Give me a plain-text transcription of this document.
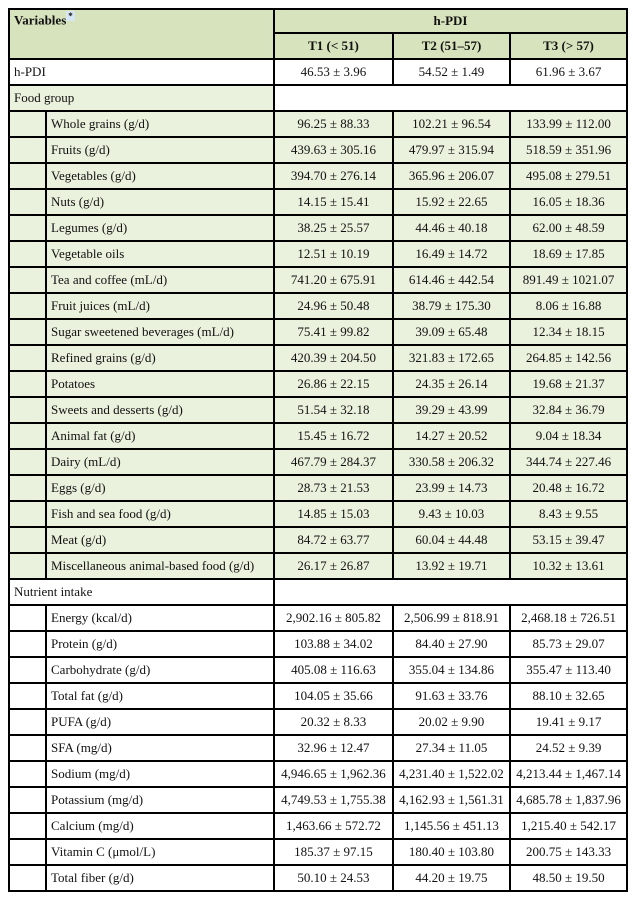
Variables *		h-PDI		
		T1 (< 51)	T2 (51–57)	T3 (> 57)
h-PDI		46.53 ± 3.96	54.52 ± 1.49	61.96 ± 3.67
Food group				
	Whole grains (g/d)	96.25 ± 88.33	102.21 ± 96.54	133.99 ± 112.00
	Fruits (g/d)	439.63 ± 305.16	479.97 ± 315.94	518.59 ± 351.96
	Vegetables (g/d)	394.70 ± 276.14	365.96 ± 206.07	495.08 ± 279.51
	Nuts (g/d)	14.15 ± 15.41	15.92 ± 22.65	16.05 ± 18.36
	Legumes (g/d)	38.25 ± 25.57	44.46 ± 40.18	62.00 ± 48.59
	Vegetable oils	12.51 ± 10.19	16.49 ± 14.72	18.69 ± 17.85
	Tea and coffee (mL/d)	741.20 ± 675.91	614.46 ± 442.54	891.49 ± 1021.07
	Fruit juices (mL/d)	24.96 ± 50.48	38.79 ± 175.30	8.06 ± 16.88
	Sugar sweetened beverages (mL/d)	75.41 ± 99.82	39.09 ± 65.48	12.34 ± 18.15
	Refined grains (g/d)	420.39 ± 204.50	321.83 ± 172.65	264.85 ± 142.56
	Potatoes	26.86 ± 22.15	24.35 ± 26.14	19.68 ± 21.37
	Sweets and desserts (g/d)	51.54 ± 32.18	39.29 ± 43.99	32.84 ± 36.79
	Animal fat (g/d)	15.45 ± 16.72	14.27 ± 20.52	9.04 ± 18.34
	Dairy (mL/d)	467.79 ± 284.37	330.58 ± 206.32	344.74 ± 227.46
	Eggs (g/d)	28.73 ± 21.53	23.99 ± 14.73	20.48 ± 16.72
	Fish and sea food (g/d)	14.85 ± 15.03	9.43 ± 10.03	8.43 ± 9.55
	Meat (g/d)	84.72 ± 63.77	60.04 ± 44.48	53.15 ± 39.47
	Miscellaneous animal-based food (g/d)	26.17 ± 26.87	13.92 ± 19.71	10.32 ± 13.61
Nutrient intake				
	Energy (kcal/d)	2,902.16 ± 805.82	2,506.99 ± 818.91	2,468.18 ± 726.51
	Protein (g/d)	103.88 ± 34.02	84.40 ± 27.90	85.73 ± 29.07
	Carbohydrate (g/d)	405.08 ± 116.63	355.04 ± 134.86	355.47 ± 113.40
	Total fat (g/d)	104.05 ± 35.66	91.63 ± 33.76	88.10 ± 32.65
	PUFA (g/d)	20.32 ± 8.33	20.02 ± 9.90	19.41 ± 9.17
	SFA (mg/d)	32.96 ± 12.47	27.34 ± 11.05	24.52 ± 9.39
	Sodium (mg/d)	4,946.65 ± 1,962.36	4,231.40 ± 1,522.02	4,213.44 ± 1,467.14
	Potassium (mg/d)	4,749.53 ± 1,755.38	4,162.93 ± 1,561.31	4,685.78 ± 1,837.96
	Calcium (mg/d)	1,463.66 ± 572.72	1,145.56 ± 451.13	1,215.40 ± 542.17
	Vitamin C (μmol/L)	185.37 ± 97.15	180.40 ± 103.80	200.75 ± 143.33
	Total fiber (g/d)	50.10 ± 24.53	44.20 ± 19.75	48.50 ± 19.50
